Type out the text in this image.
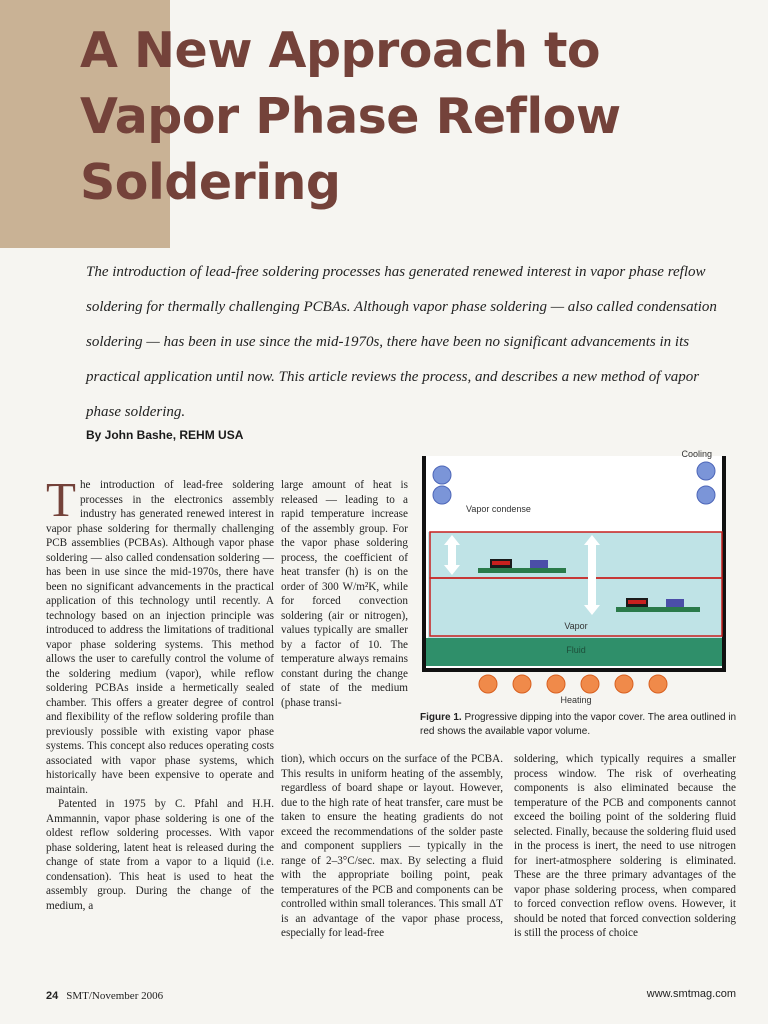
A New Approach to
Vapor Phase Reflow
Soldering

The introduction of lead-free soldering processes has generated renewed interest in vapor phase reflow soldering for thermally challenging PCBAs. Although vapor phase soldering — also called condensation soldering — has been in use since the mid-1970s, there have been no significant advancements in its practical application until now. This article reviews the process, and describes a new method of vapor phase soldering.

By John Bashe, REHM USA

The introduction of lead-free soldering processes in the electronics assembly industry has generated renewed interest in vapor phase soldering for thermally challenging PCB assemblies (PCBAs). Although vapor phase soldering — also called condensation soldering — has been in use since the mid-1970s, there have been no significant advancements in the practical application of this technology until recently. A technology based on an injection principle was introduced to address the limitations of traditional vapor phase soldering systems. This method allows the user to carefully control the volume of the soldering medium (vapor), while reflow soldering PCBAs inside a hermetically sealed chamber. This offers a greater degree of control and flexibility of the reflow soldering profile than previously possible with existing vapor phase systems. This concept also reduces operating costs associated with vapor phase systems, which historically have been expensive to operate and maintain.

Patented in 1975 by C. Pfahl and H.H. Ammannin, vapor phase soldering is one of the oldest reflow soldering processes. With vapor phase soldering, latent heat is released during the change of state from a vapor to a liquid (i.e. condensation). This heat is used to heat the assembly group. During the change of the medium, a

large amount of heat is released — leading to a rapid temperature increase of the assembly group. For the vapor phase soldering process, the coefficient of heat transfer (h) is on the order of 300 W/m²K, while for forced convection soldering (air or nitrogen), values typically are smaller by a factor of 10. The temperature always remains constant during the change of state of the medium (phase transi-

tion), which occurs on the surface of the PCBA. This results in uniform heating of the assembly, regardless of board shape or layout. However, due to the high rate of heat transfer, care must be taken to ensure the heating gradients do not exceed the recommendations of the solder paste and component suppliers — typically in the range of 2–3°C/sec. max. By selecting a fluid with the appropriate boiling point, peak temperatures of the PCB and components can be controlled within small tolerances. This small ΔT is an advantage of the vapor phase process, especially for lead-free

soldering, which typically requires a smaller process window. The risk of overheating components is also eliminated because the temperature of the PCB and components cannot exceed the boiling point of the soldering fluid selected. Finally, because the soldering fluid used in the process is inert, the need to use nitrogen for inert-atmosphere soldering is eliminated. These are the three primary advantages of the vapor phase soldering process, when compared to forced convection reflow ovens. However, it should be noted that forced convection soldering is still the process of choice

Cooling
Vapor condense
Vapor
Fluid
Heating

Figure 1. Progressive dipping into the vapor cover. The area outlined in red shows the available vapor volume.

24 SMT/November 2006	www.smtmag.com
